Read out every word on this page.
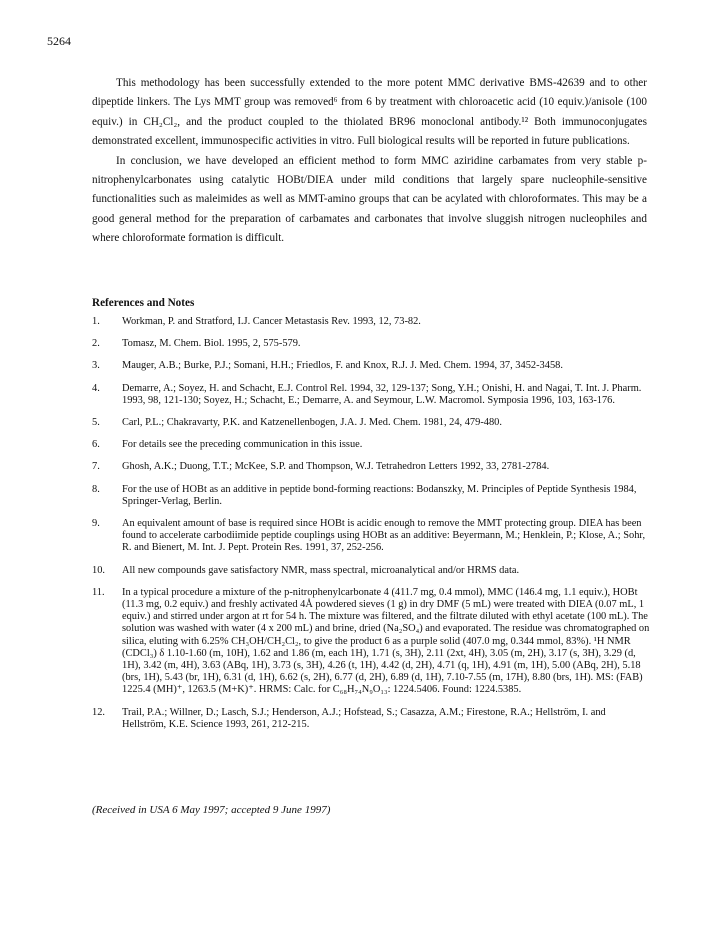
5264

This methodology has been successfully extended to the more potent MMC derivative BMS-42639 and to other dipeptide linkers. The Lys MMT group was removed⁶ from 6 by treatment with chloroacetic acid (10 equiv.)/anisole (100 equiv.) in CH₂Cl₂, and the product coupled to the thiolated BR96 monoclonal antibody.¹² Both immunoconjugates demonstrated excellent, immunospecific activities in vitro. Full biological results will be reported in future publications.

In conclusion, we have developed an efficient method to form MMC aziridine carbamates from very stable p-nitrophenylcarbonates using catalytic HOBt/DIEA under mild conditions that largely spare nucleophile-sensitive functionalities such as maleimides as well as MMT-amino groups that can be acylated with chloroformates. This may be a good general method for the preparation of carbamates and carbonates that involve sluggish nitrogen nucleophiles and where chloroformate formation is difficult.

References and Notes
1. Workman, P. and Stratford, I.J. Cancer Metastasis Rev. 1993, 12, 73-82.
2. Tomasz, M. Chem. Biol. 1995, 2, 575-579.
3. Mauger, A.B.; Burke, P.J.; Somani, H.H.; Friedlos, F. and Knox, R.J. J. Med. Chem. 1994, 37, 3452-3458.
4. Demarre, A.; Soyez, H. and Schacht, E.J. Control Rel. 1994, 32, 129-137; Song, Y.H.; Onishi, H. and Nagai, T. Int. J. Pharm. 1993, 98, 121-130; Soyez, H.; Schacht, E.; Demarre, A. and Seymour, L.W. Macromol. Symposia 1996, 103, 163-176.
5. Carl, P.L.; Chakravarty, P.K. and Katzenellenbogen, J.A. J. Med. Chem. 1981, 24, 479-480.
6. For details see the preceding communication in this issue.
7. Ghosh, A.K.; Duong, T.T.; McKee, S.P. and Thompson, W.J. Tetrahedron Letters 1992, 33, 2781-2784.
8. For the use of HOBt as an additive in peptide bond-forming reactions: Bodanszky, M. Principles of Peptide Synthesis 1984, Springer-Verlag, Berlin.
9. An equivalent amount of base is required since HOBt is acidic enough to remove the MMT protecting group. DIEA has been found to accelerate carbodiimide peptide couplings using HOBt as an additive: Beyermann, M.; Henklein, P.; Klose, A.; Sohr, R. and Bienert, M. Int. J. Pept. Protein Res. 1991, 37, 252-256.
10. All new compounds gave satisfactory NMR, mass spectral, microanalytical and/or HRMS data.
11. In a typical procedure a mixture of the p-nitrophenylcarbonate 4 (411.7 mg, 0.4 mmol), MMC (146.4 mg, 1.1 equiv.), HOBt (11.3 mg, 0.2 equiv.) and freshly activated 4Å powdered sieves (1 g) in dry DMF (5 mL) were treated with DIEA (0.07 mL, 1 equiv.) and stirred under argon at rt for 54 h. The mixture was filtered, and the filtrate diluted with ethyl acetate (100 mL). The solution was washed with water (4 x 200 mL) and brine, dried (Na₂SO₄) and evaporated. The residue was chromatographed on silica, eluting with 6.25% CH₃OH/CH₂Cl₂, to give the product 6 as a purple solid (407.0 mg, 0.344 mmol, 83%). ¹H NMR (CDCl₃) δ 1.10-1.60 (m, 10H), 1.62 and 1.86 (m, each 1H), 1.71 (s, 3H), 2.11 (2xt, 4H), 3.05 (m, 2H), 3.17 (s, 3H), 3.29 (d, 1H), 3.42 (m, 4H), 3.63 (ABq, 1H), 3.73 (s, 3H), 4.26 (t, 1H), 4.42 (d, 2H), 4.71 (q, 1H), 4.91 (m, 1H), 5.00 (ABq, 2H), 5.18 (brs, 1H), 5.43 (br, 1H), 6.31 (d, 1H), 6.62 (s, 2H), 6.77 (d, 2H), 6.89 (d, 1H), 7.10-7.55 (m, 17H), 8.80 (brs, 1H). MS: (FAB) 1225.4 (MH)⁺, 1263.5 (M+K)⁺. HRMS: Calc. for C₆₈H₇₄N₉O₁₃: 1224.5406. Found: 1224.5385.
12. Trail, P.A.; Willner, D.; Lasch, S.J.; Henderson, A.J.; Hofstead, S.; Casazza, A.M.; Firestone, R.A.; Hellström, I. and Hellström, K.E. Science 1993, 261, 212-215.
(Received in USA 6 May 1997; accepted 9 June 1997)
